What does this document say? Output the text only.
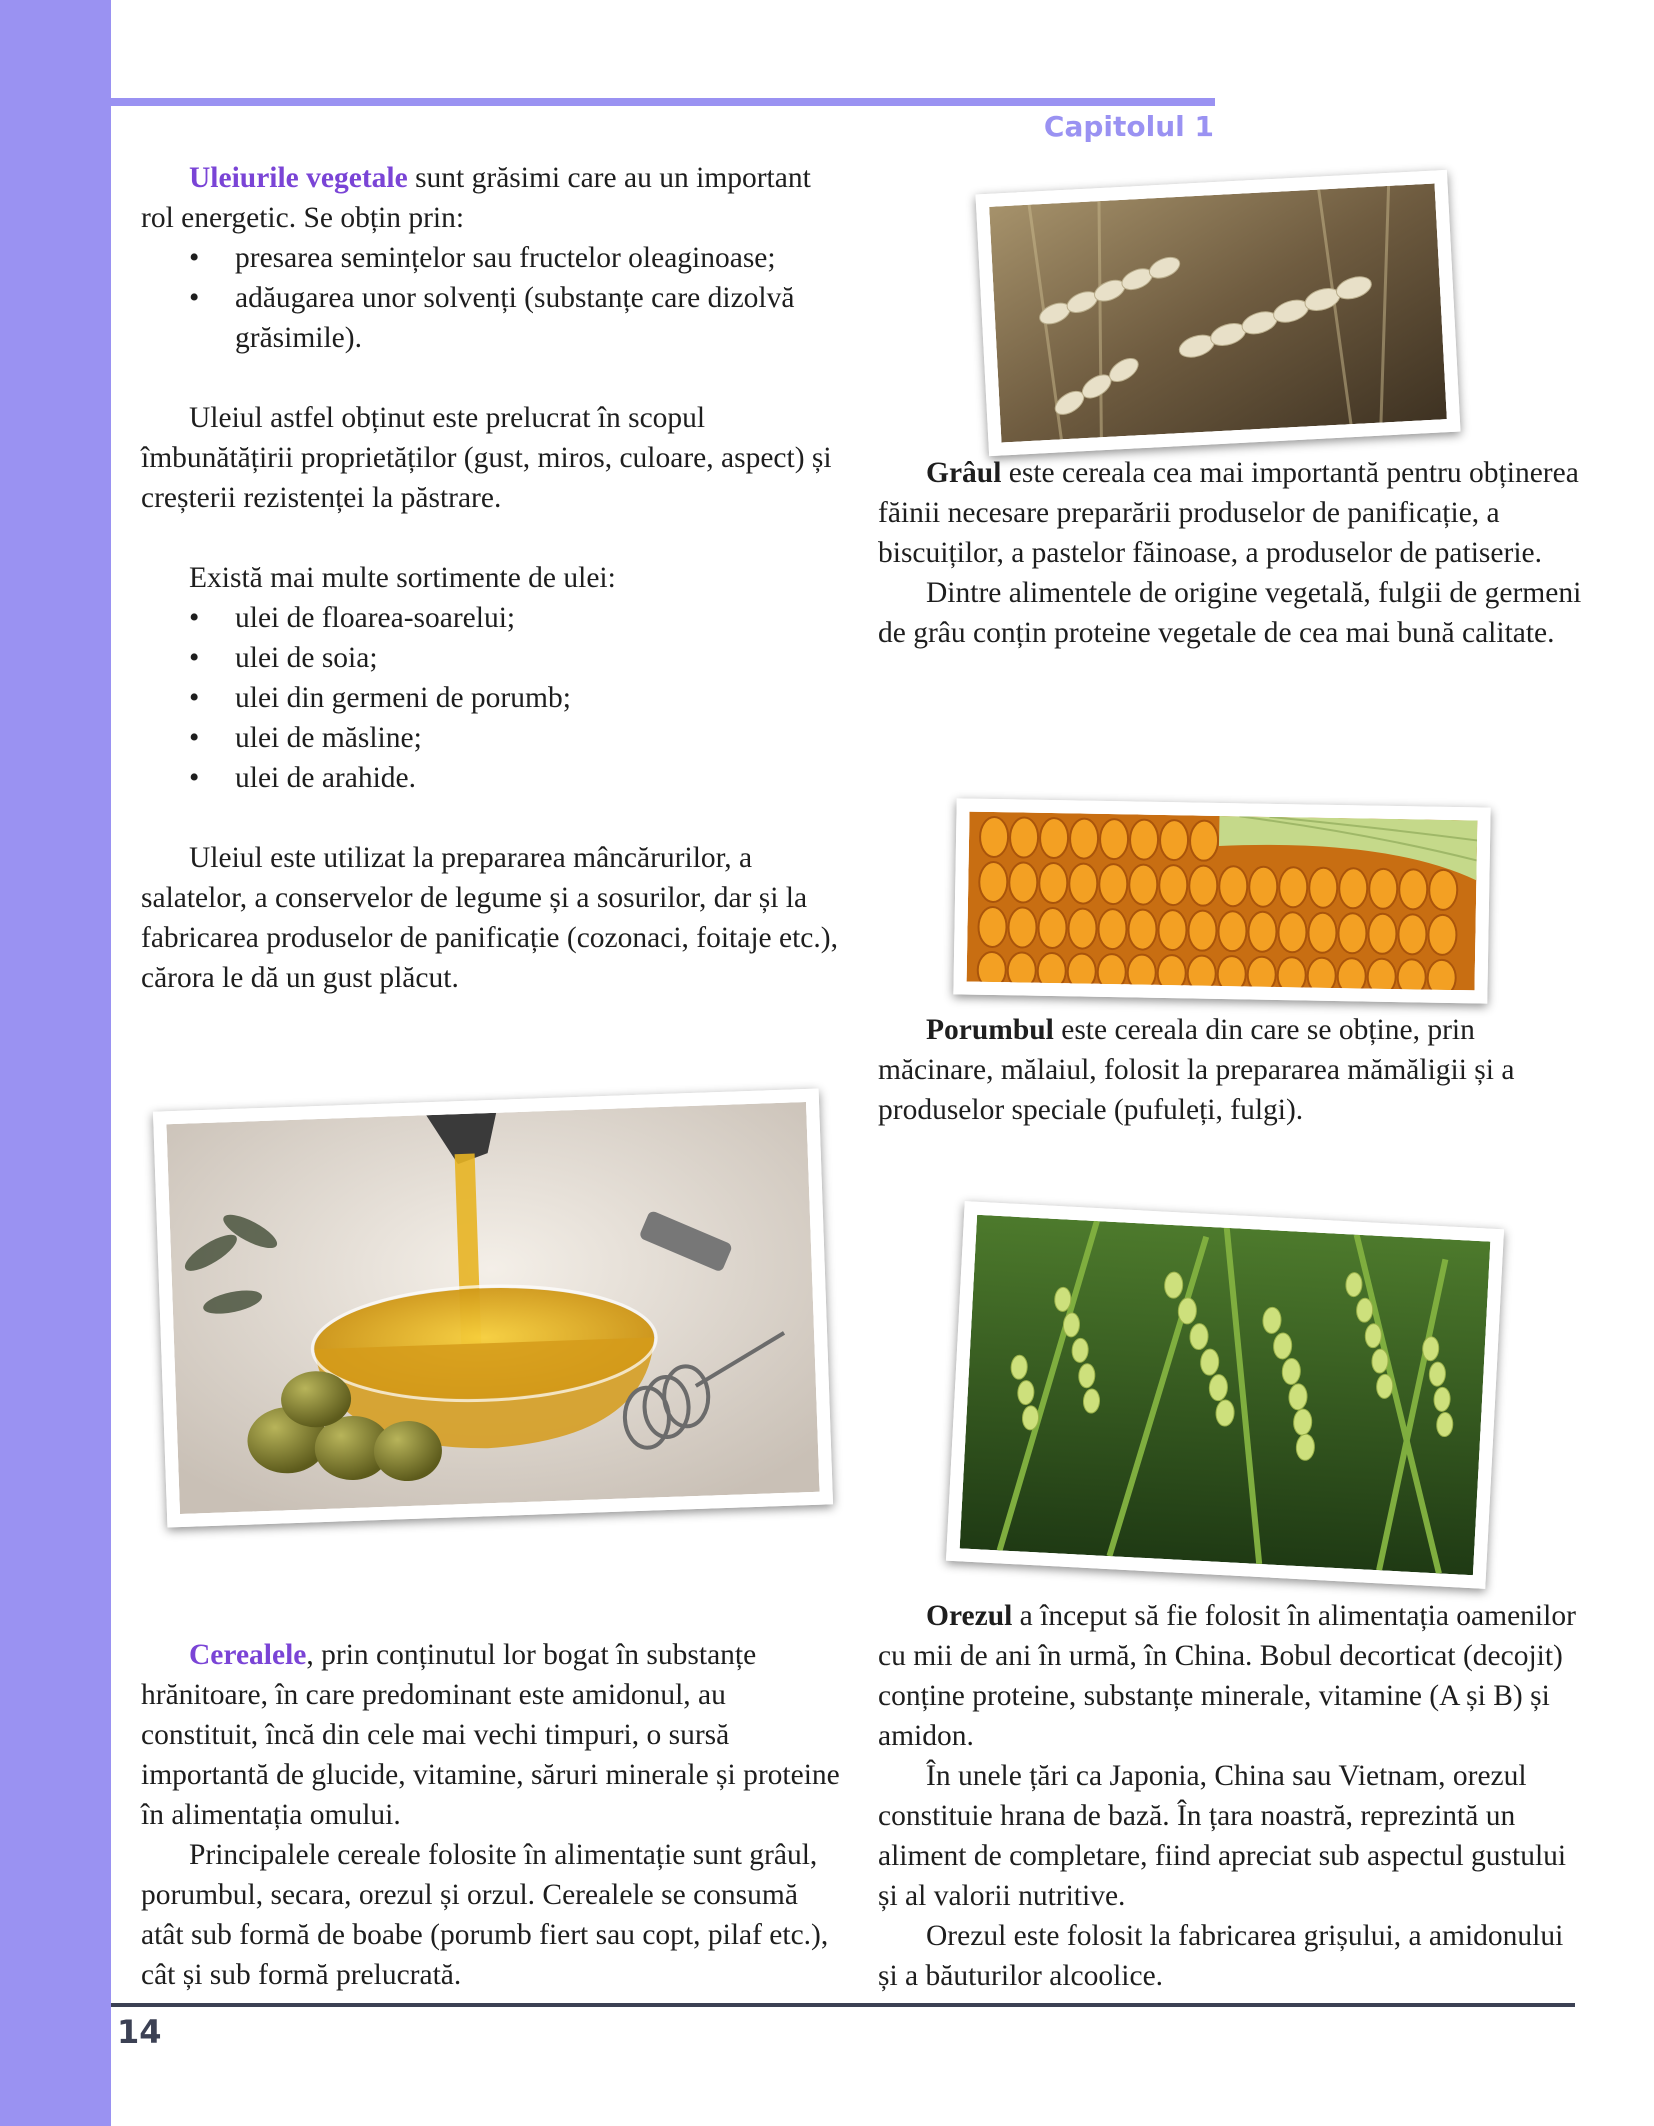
Capitolul 1

Uleiurile vegetale sunt grăsimi care au un important rol energetic. Se obțin prin:

• presarea semințelor sau fructelor oleaginoase;
• adăugarea unor solvenți (substanțe care dizolvă grăsimile).

Uleiul astfel obținut este prelucrat în scopul îmbunătățirii proprietăților (gust, miros, culoare, aspect) și creșterii rezistenței la păstrare.

Există mai multe sortimente de ulei:

• ulei de floarea-soarelui;
• ulei de soia;
• ulei din germeni de porumb;
• ulei de măsline;
• ulei de arahide.

Uleiul este utilizat la prepararea mâncărurilor, a salatelor, a conservelor de legume și a sosurilor, dar și la fabricarea produselor de panificație (cozonaci, foitaje etc.), cărora le dă un gust plăcut.

Cerealele, prin conținutul lor bogat în substanțe hrănitoare, în care predominant este amidonul, au constituit, încă din cele mai vechi timpuri, o sursă importantă de glucide, vitamine, săruri minerale și proteine în alimentația omului.

Principalele cereale folosite în alimentație sunt grâul, porumbul, secara, orezul și orzul. Cerealele se consumă atât sub formă de boabe (porumb fiert sau copt, pilaf etc.), cât și sub formă prelucrată.

Grâul este cereala cea mai importantă pentru obținerea făinii necesare preparării produselor de panificație, a biscuiților, a pastelor făinoase, a produselor de patiserie.

Dintre alimentele de origine vegetală, fulgii de germeni de grâu conțin proteine vegetale de cea mai bună calitate.

Porumbul este cereala din care se obține, prin măcinare, mălaiul, folosit la prepararea mămăligii și a produselor speciale (pufuleți, fulgi).

Orezul a început să fie folosit în alimentația oamenilor cu mii de ani în urmă, în China. Bobul decorticat (decojit) conține proteine, substanțe minerale, vitamine (A și B) și amidon.

În unele țări ca Japonia, China sau Vietnam, orezul constituie hrana de bază. În țara noastră, reprezintă un aliment de completare, fiind apreciat sub aspectul gustului și al valorii nutritive.

Orezul este folosit la fabricarea grișului, a amidonului și a băuturilor alcoolice.

14
